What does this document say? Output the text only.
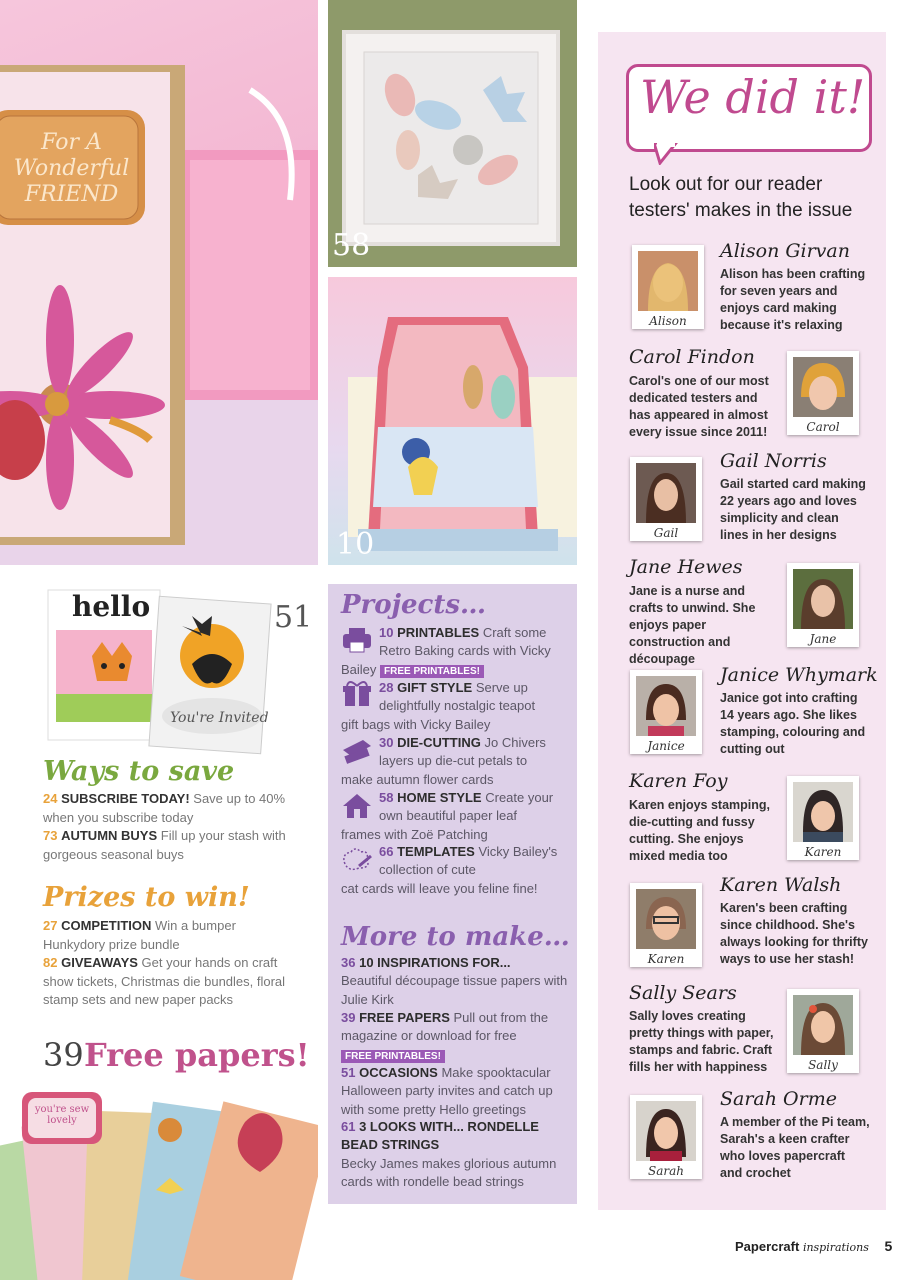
For A Wonderful FRIEND
58
10
hello
You're Invited
51
Ways to save
24 SUBSCRIBE TODAY! Save up to 40% when you subscribe today
73 AUTUMN BUYS Fill up your stash with gorgeous seasonal buys
Prizes to win!
27 COMPETITION Win a bumper Hunkydory prize bundle
82 GIVEAWAYS Get your hands on craft show tickets, Christmas die bundles, floral stamp sets and new paper packs
39 Free papers!
you're sew lovely
Projects…
10 PRINTABLES Craft some Retro Baking cards with Vicky
Bailey FREE PRINTABLES!
28 GIFT STYLE Serve up delightfully nostalgic teapot
gift bags with Vicky Bailey
30 DIE-CUTTING Jo Chivers layers up die-cut petals to
make autumn flower cards
58 HOME STYLE Create your own beautiful paper leaf
frames with Zoë Patching
66 TEMPLATES Vicky Bailey's collection of cute
cat cards will leave you feline fine!
More to make…
36 10 INSPIRATIONS FOR...
Beautiful découpage tissue papers with Julie Kirk
39 FREE PAPERS Pull out from the magazine or download for free
FREE PRINTABLES!
51 OCCASIONS Make spooktacular Halloween party invites and catch up with some pretty Hello greetings
61 3 LOOKS WITH... RONDELLE BEAD STRINGS
Becky James makes glorious autumn cards with rondelle bead strings
We did it!
Look out for our reader testers' makes in the issue
Alison
Alison Girvan
Alison has been crafting for seven years and enjoys card making because it's relaxing
Carol Findon
Carol's one of our most dedicated testers and has appeared in almost every issue since 2011!	Carol
Gail
Gail Norris
Gail started card making 22 years ago and loves simplicity and clean lines in her designs
Jane Hewes
Jane is a nurse and crafts to unwind. She enjoys paper construction and découpage
Jane
Janice
Janice Whymark
Janice got into crafting 14 years ago. She likes stamping, colouring and cutting out
Karen Foy
Karen enjoys stamping, die-cutting and fussy cutting. She enjoys mixed media too	Karen
Karen
Karen Walsh
Karen's been crafting since childhood. She's always looking for thrifty ways to use her stash!
Sally Sears
Sally loves creating pretty things with paper, stamps and fabric. Craft fills her with happiness	Sally
Sarah
Sarah Orme
A member of the Pi team, Sarah's a keen crafter who loves papercraft and crochet
Papercraft inspirations 5
